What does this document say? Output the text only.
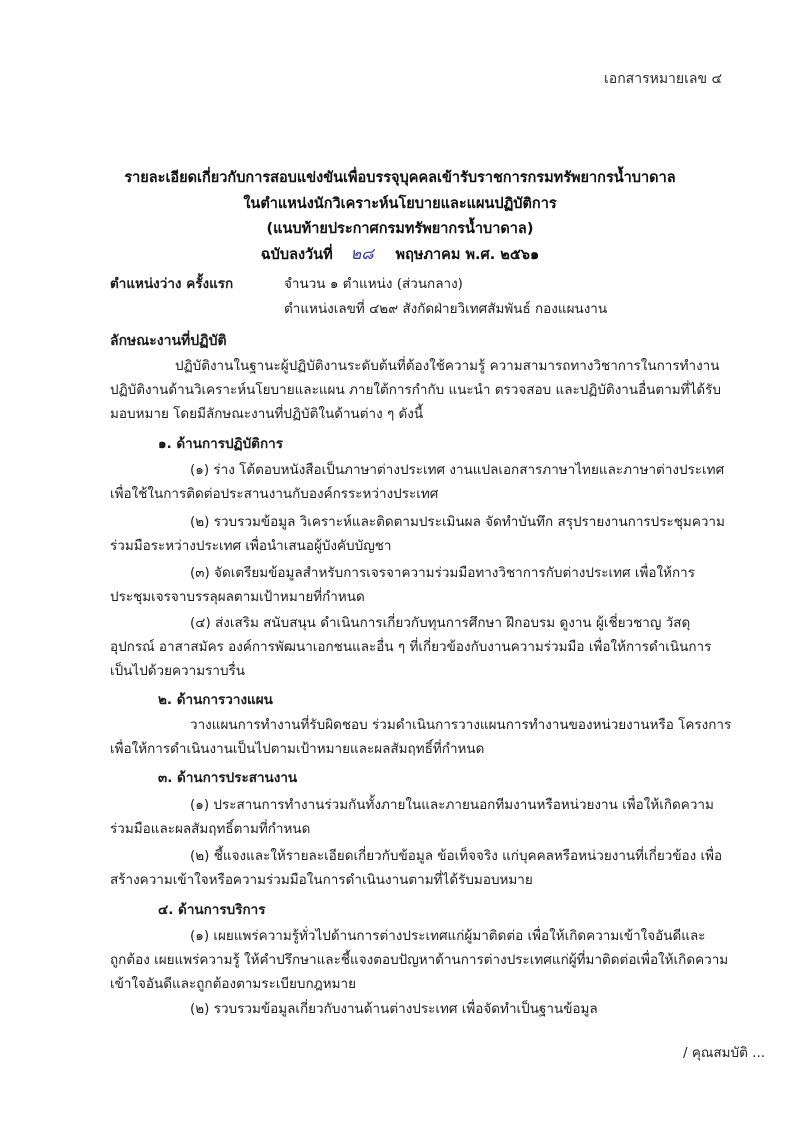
เอกสารหมายเลข ๔
รายละเอียดเกี่ยวกับการสอบแข่งขันเพื่อบรรจุบุคคลเข้ารับราชการกรมทรัพยากรน้ำบาดาล
ในตำแหน่งนักวิเคราะห์นโยบายและแผนปฏิบัติการ
(แนบท้ายประกาศกรมทรัพยากรน้ำบาดาล)
ฉบับลงวันที่ ๒๘ พฤษภาคม พ.ศ. ๒๕๖๑
ตำแหน่งว่าง ครั้งแรก	จำนวน ๑ ตำแหน่ง (ส่วนกลาง)
ตำแหน่งเลขที่ ๔๒๙ สังกัดฝ่ายวิเทศสัมพันธ์ กองแผนงาน
ลักษณะงานที่ปฏิบัติ
ปฏิบัติงานในฐานะผู้ปฏิบัติงานระดับต้นที่ต้องใช้ความรู้ ความสามารถทางวิชาการในการทำงาน
ปฏิบัติงานด้านวิเคราะห์นโยบายและแผน ภายใต้การกำกับ แนะนำ ตรวจสอบ และปฏิบัติงานอื่นตามที่ได้รับ
มอบหมาย โดยมีลักษณะงานที่ปฏิบัติในด้านต่าง ๆ ดังนี้
๑. ด้านการปฏิบัติการ
(๑) ร่าง โต้ตอบหนังสือเป็นภาษาต่างประเทศ งานแปลเอกสารภาษาไทยและภาษาต่างประเทศ
เพื่อใช้ในการติดต่อประสานงานกับองค์กรระหว่างประเทศ
(๒) รวบรวมข้อมูล วิเคราะห์และติดตามประเมินผล จัดทำบันทึก สรุปรายงานการประชุมความ
ร่วมมือระหว่างประเทศ เพื่อนำเสนอผู้บังคับบัญชา
(๓) จัดเตรียมข้อมูลสำหรับการเจรจาความร่วมมือทางวิชาการกับต่างประเทศ เพื่อให้การ
ประชุมเจรจาบรรลุผลตามเป้าหมายที่กำหนด
(๔) ส่งเสริม สนับสนุน ดำเนินการเกี่ยวกับทุนการศึกษา ฝึกอบรม ดูงาน ผู้เชี่ยวชาญ วัสดุ
อุปกรณ์ อาสาสมัคร องค์การพัฒนาเอกชนและอื่น ๆ ที่เกี่ยวข้องกับงานความร่วมมือ เพื่อให้การดำเนินการ
เป็นไปด้วยความราบรื่น
๒. ด้านการวางแผน
วางแผนการทำงานที่รับผิดชอบ ร่วมดำเนินการวางแผนการทำงานของหน่วยงานหรือ โครงการ
เพื่อให้การดำเนินงานเป็นไปตามเป้าหมายและผลสัมฤทธิ์ที่กำหนด
๓. ด้านการประสานงาน
(๑) ประสานการทำงานร่วมกันทั้งภายในและภายนอกทีมงานหรือหน่วยงาน เพื่อให้เกิดความ
ร่วมมือและผลสัมฤทธิ์ตามที่กำหนด
(๒) ชี้แจงและให้รายละเอียดเกี่ยวกับข้อมูล ข้อเท็จจริง แก่บุคคลหรือหน่วยงานที่เกี่ยวข้อง เพื่อ
สร้างความเข้าใจหรือความร่วมมือในการดำเนินงานตามที่ได้รับมอบหมาย
๔. ด้านการบริการ
(๑) เผยแพร่ความรู้ทั่วไปด้านการต่างประเทศแก่ผู้มาติดต่อ เพื่อให้เกิดความเข้าใจอันดีและ
ถูกต้อง เผยแพร่ความรู้ ให้คำปรึกษาและชี้แจงตอบปัญหาด้านการต่างประเทศแก่ผู้ที่มาติดต่อเพื่อให้เกิดความ
เข้าใจอันดีและถูกต้องตามระเบียบกฎหมาย
(๒) รวบรวมข้อมูลเกี่ยวกับงานด้านต่างประเทศ เพื่อจัดทำเป็นฐานข้อมูล
/ คุณสมบัติ ...
